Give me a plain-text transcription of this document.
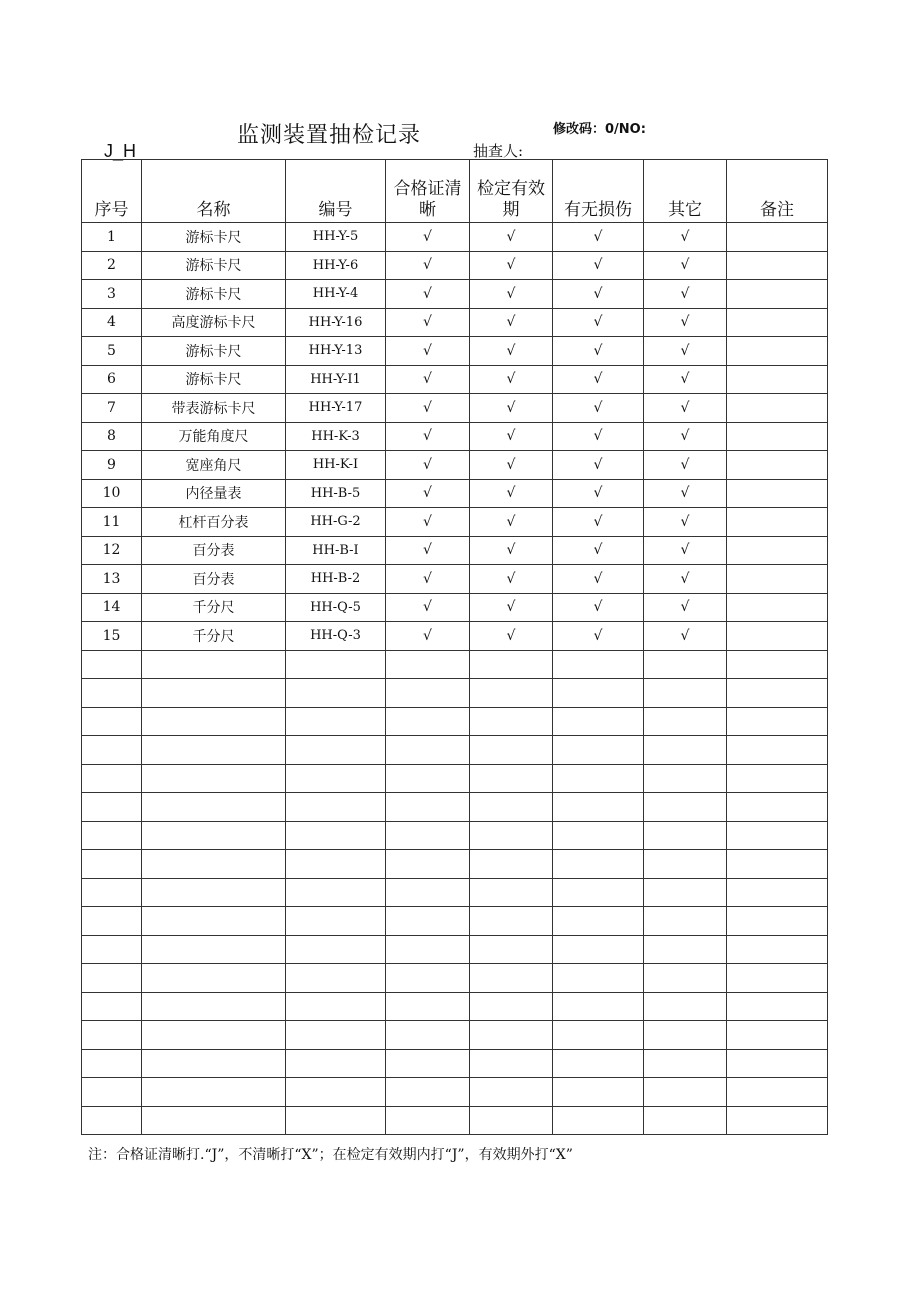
监测装置抽检记录	修改码：0/NO:
J_H	抽查人:
序号	名称	编号	合格证清晰	检定有效期	有无损伤	其它	备注
1	游标卡尺	HH-Y-5	√	√	√	√	
2	游标卡尺	HH-Y-6	√	√	√	√	
3	游标卡尺	HH-Y-4	√	√	√	√	
4	高度游标卡尺	HH-Y-16	√	√	√	√	
5	游标卡尺	HH-Y-13	√	√	√	√	
6	游标卡尺	HH-Y-I1	√	√	√	√	
7	带表游标卡尺	HH-Y-17	√	√	√	√	
8	万能角度尺	HH-K-3	√	√	√	√	
9	宽座角尺	HH-K-I	√	√	√	√	
10	内径量表	HH-B-5	√	√	√	√	
11	杠杆百分表	HH-G-2	√	√	√	√	
12	百分表	HH-B-I	√	√	√	√	
13	百分表	HH-B-2	√	√	√	√	
14	千分尺	HH-Q-5	√	√	√	√	
15	千分尺	HH-Q-3	√	√	√	√	

注：合格证清晰打.“J”，不清晰打“X”；在检定有效期内打“J”，有效期外打“X”
